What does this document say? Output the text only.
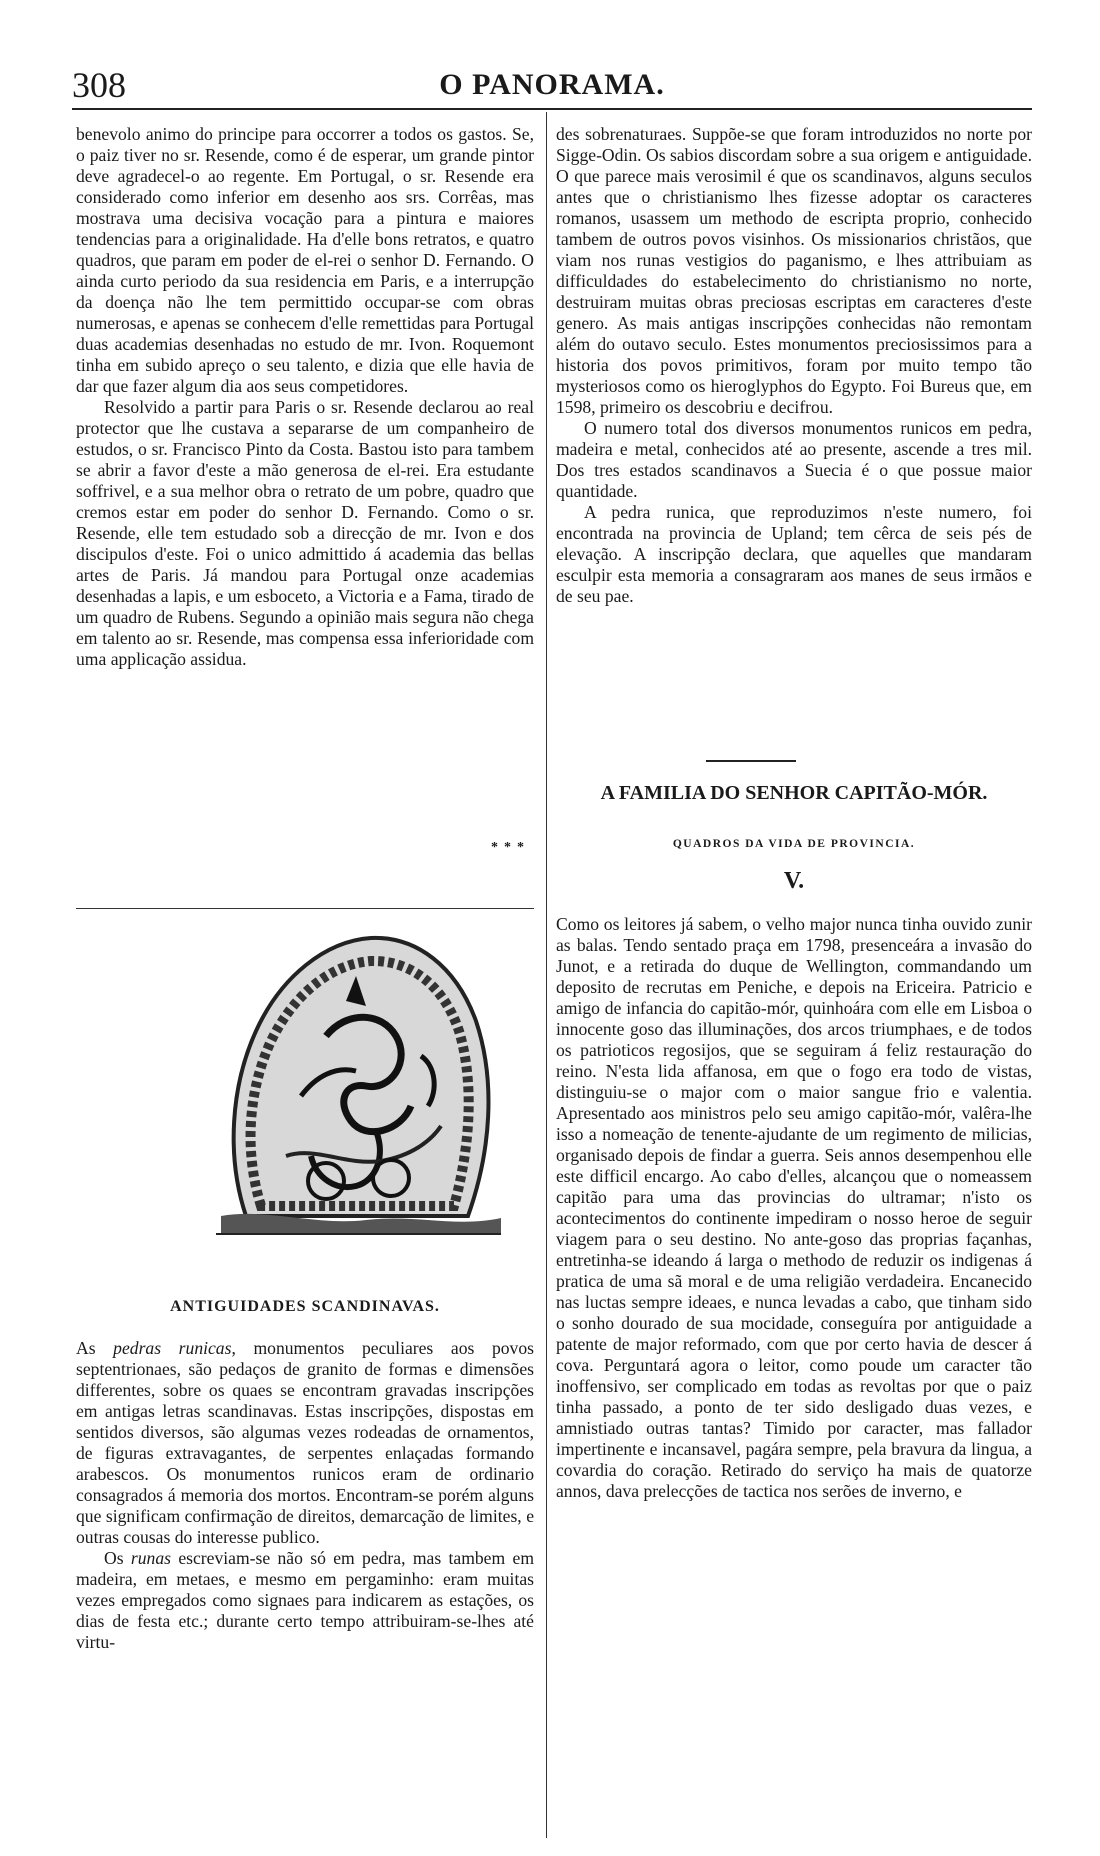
308	O PANORAMA.

benevolo animo do principe para occorrer a todos os gastos. Se, o paiz tiver no sr. Resende, como é de esperar, um grande pintor deve agradecel-o ao regente. Em Portugal, o sr. Resende era considerado como inferior em desenho aos srs. Corrêas, mas mostrava uma decisiva vocação para a pintura e maiores tendencias para a originalidade. Ha d'elle bons retratos, e quatro quadros, que param em poder de el-rei o senhor D. Fernando. O ainda curto periodo da sua residencia em Paris, e a interrupção da doença não lhe tem permittido occupar-se com obras numerosas, e apenas se conhecem d'elle remettidas para Portugal duas academias desenhadas no estudo de mr. Ivon. Roquemont tinha em subido apreço o seu talento, e dizia que elle havia de dar que fazer algum dia aos seus competidores.

Resolvido a partir para Paris o sr. Resende declarou ao real protector que lhe custava a separarse de um companheiro de estudos, o sr. Francisco Pinto da Costa. Bastou isto para tambem se abrir a favor d'este a mão generosa de el-rei. Era estudante soffrivel, e a sua melhor obra o retrato de um pobre, quadro que cremos estar em poder do senhor D. Fernando. Como o sr. Resende, elle tem estudado sob a direcção de mr. Ivon e dos discipulos d'este. Foi o unico admittido á academia das bellas artes de Paris. Já mandou para Portugal onze academias desenhadas a lapis, e um esboceto, a Victoria e a Fama, tirado de um quadro de Rubens. Segundo a opinião mais segura não chega em talento ao sr. Resende, mas compensa essa inferioridade com uma applicação assidua.

***
ANTIGUIDADES SCANDINAVAS.

As pedras runicas, monumentos peculiares aos povos septentrionaes, são pedaços de granito de formas e dimensões differentes, sobre os quaes se encontram gravadas inscripções em antigas letras scandinavas. Estas inscripções, dispostas em sentidos diversos, são algumas vezes rodeadas de ornamentos, de figuras extravagantes, de serpentes enlaçadas formando arabescos. Os monumentos runicos eram de ordinario consagrados á memoria dos mortos. Encontram-se porém alguns que significam confirmação de direitos, demarcação de limites, e outras cousas do interesse publico.

Os runas escreviam-se não só em pedra, mas tambem em madeira, em metaes, e mesmo em pergaminho: eram muitas vezes empregados como signaes para indicarem as estações, os dias de festa etc.; durante certo tempo attribuiram-se-lhes até virtu-

des sobrenaturaes. Suppõe-se que foram introduzidos no norte por Sigge-Odin. Os sabios discordam sobre a sua origem e antiguidade. O que parece mais verosimil é que os scandinavos, alguns seculos antes que o christianismo lhes fizesse adoptar os caracteres romanos, usassem um methodo de escripta proprio, conhecido tambem de outros povos visinhos. Os missionarios christãos, que viam nos runas vestigios do paganismo, e lhes attribuiam as difficuldades do estabelecimento do christianismo no norte, destruiram muitas obras preciosas escriptas em caracteres d'este genero. As mais antigas inscripções conhecidas não remontam além do outavo seculo. Estes monumentos preciosissimos para a historia dos povos primitivos, foram por muito tempo tão mysteriosos como os hieroglyphos do Egypto. Foi Bureus que, em 1598, primeiro os descobriu e decifrou.

O numero total dos diversos monumentos runicos em pedra, madeira e metal, conhecidos até ao presente, ascende a tres mil. Dos tres estados scandinavos a Suecia é o que possue maior quantidade.

A pedra runica, que reproduzimos n'este numero, foi encontrada na provincia de Upland; tem cêrca de seis pés de elevação. A inscripção declara, que aquelles que mandaram esculpir esta memoria a consagraram aos manes de seus irmãos e de seu pae.

A FAMILIA DO SENHOR CAPITÃO-MÓR.
QUADROS DA VIDA DE PROVINCIA.
V.

Como os leitores já sabem, o velho major nunca tinha ouvido zunir as balas. Tendo sentado praça em 1798, presenceára a invasão do Junot, e a retirada do duque de Wellington, commandando um deposito de recrutas em Peniche, e depois na Ericeira. Patricio e amigo de infancia do capitão-mór, quinhoára com elle em Lisboa o innocente goso das illuminações, dos arcos triumphaes, e de todos os patrioticos regosijos, que se seguiram á feliz restauração do reino. N'esta lida affanosa, em que o fogo era todo de vistas, distinguiu-se o major com o maior sangue frio e valentia. Apresentado aos ministros pelo seu amigo capitão-mór, valêra-lhe isso a nomeação de tenente-ajudante de um regimento de milicias, organisado depois de findar a guerra. Seis annos desempenhou elle este difficil encargo. Ao cabo d'elles, alcançou que o nomeassem capitão para uma das provincias do ultramar; n'isto os acontecimentos do continente impediram o nosso heroe de seguir viagem para o seu destino. No ante-goso das proprias façanhas, entretinha-se ideando á larga o methodo de reduzir os indigenas á pratica de uma sã moral e de uma religião verdadeira. Encanecido nas luctas sempre ideaes, e nunca levadas a cabo, que tinham sido o sonho dourado de sua mocidade, conseguíra por antiguidade a patente de major reformado, com que por certo havia de descer á cova. Perguntará agora o leitor, como poude um caracter tão inoffensivo, ser complicado em todas as revoltas por que o paiz tinha passado, a ponto de ter sido desligado duas vezes, e amnistiado outras tantas? Timido por caracter, mas fallador impertinente e incansavel, pagára sempre, pela bravura da lingua, a covardia do coração. Retirado do serviço ha mais de quatorze annos, dava prelecções de tactica nos serões de inverno, e
